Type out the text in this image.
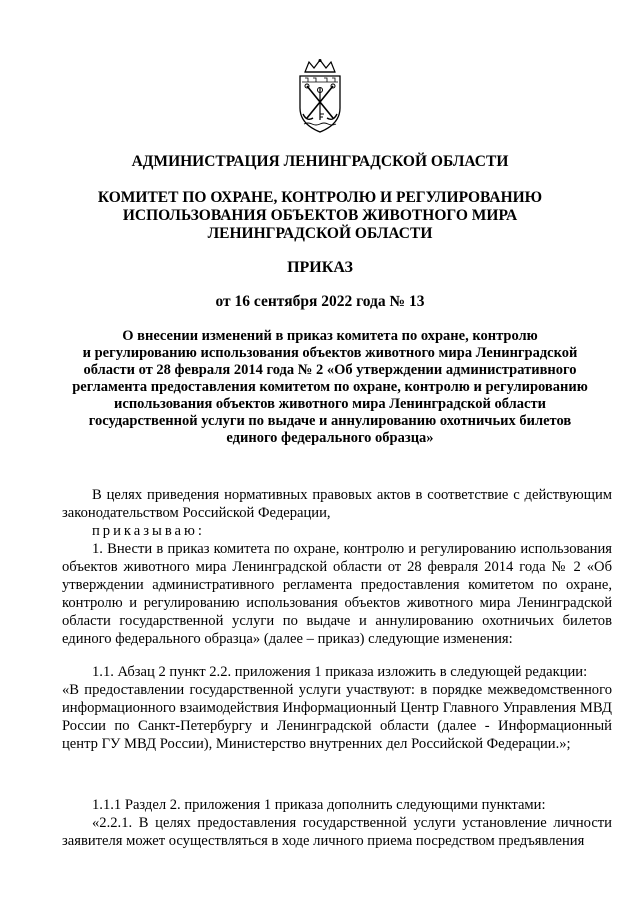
АДМИНИСТРАЦИЯ ЛЕНИНГРАДСКОЙ ОБЛАСТИ
КОМИТЕТ ПО ОХРАНЕ, КОНТРОЛЮ И РЕГУЛИРОВАНИЮ
ИСПОЛЬЗОВАНИЯ ОБЪЕКТОВ ЖИВОТНОГО МИРА
ЛЕНИНГРАДСКОЙ ОБЛАСТИ
ПРИКАЗ
от 16 сентября 2022 года № 13
О внесении изменений в приказ комитета по охране, контролю
и регулированию использования объектов животного мира Ленинградской
области от 28 февраля 2014 года № 2 «Об утверждении административного
регламента предоставления комитетом по охране, контролю и регулированию
использования объектов животного мира Ленинградской области
государственной услуги по выдаче и аннулированию охотничьих билетов
единого федерального образца»

В целях приведения нормативных правовых актов в соответствие с действующим законодательством Российской Федерации,

приказываю:

1. Внести в приказ комитета по охране, контролю и регулированию использования объектов животного мира Ленинградской области от 28 февраля 2014 года № 2 «Об утверждении административного регламента предоставления комитетом по охране, контролю и регулированию использования объектов животного мира Ленинградской области государственной услуги по выдаче и аннулированию охотничьих билетов единого федерального образца» (далее – приказ) следующие изменения:

1.1. Абзац 2 пункт 2.2. приложения 1 приказа изложить в следующей редакции:

«В предоставлении государственной услуги участвуют: в порядке межведомственного информационного взаимодействия Информационный Центр Главного Управления МВД России по Санкт-Петербургу и Ленинградской области (далее - Информационный центр ГУ МВД России), Министерство внутренних дел Российской Федерации.»;

1.1.1 Раздел 2. приложения 1 приказа дополнить следующими пунктами:

«2.2.1. В целях предоставления государственной услуги установление личности заявителя может осуществляться в ходе личного приема посредством предъявления
